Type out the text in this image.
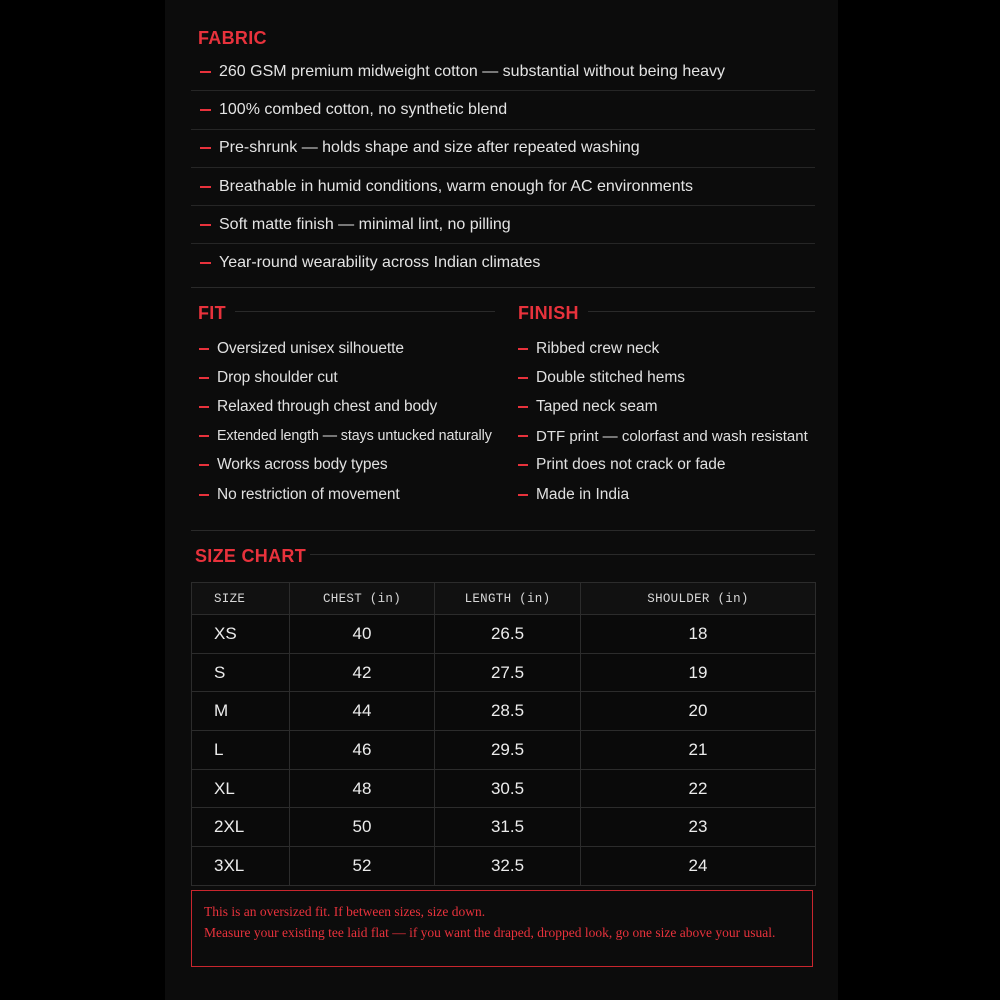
FABRIC
260 GSM premium midweight cotton — substantial without being heavy
100% combed cotton, no synthetic blend
Pre-shrunk — holds shape and size after repeated washing
Breathable in humid conditions, warm enough for AC environments
Soft matte finish — minimal lint, no pilling
Year-round wearability across Indian climates
FIT
Oversized unisex silhouette
Drop shoulder cut
Relaxed through chest and body
Extended length — stays untucked naturally
Works across body types
No restriction of movement
FINISH
Ribbed crew neck
Double stitched hems
Taped neck seam
DTF print — colorfast and wash resistant
Print does not crack or fade
Made in India
SIZE CHART
SIZE	CHEST (in)	LENGTH (in)	SHOULDER (in)
XS	40	26.5	18
S	42	27.5	19
M	44	28.5	20
L	46	29.5	21
XL	48	30.5	22
2XL	50	31.5	23
3XL	52	32.5	24

This is an oversized fit. If between sizes, size down.

Measure your existing tee laid flat — if you want the draped, dropped look, go one size above your usual.
